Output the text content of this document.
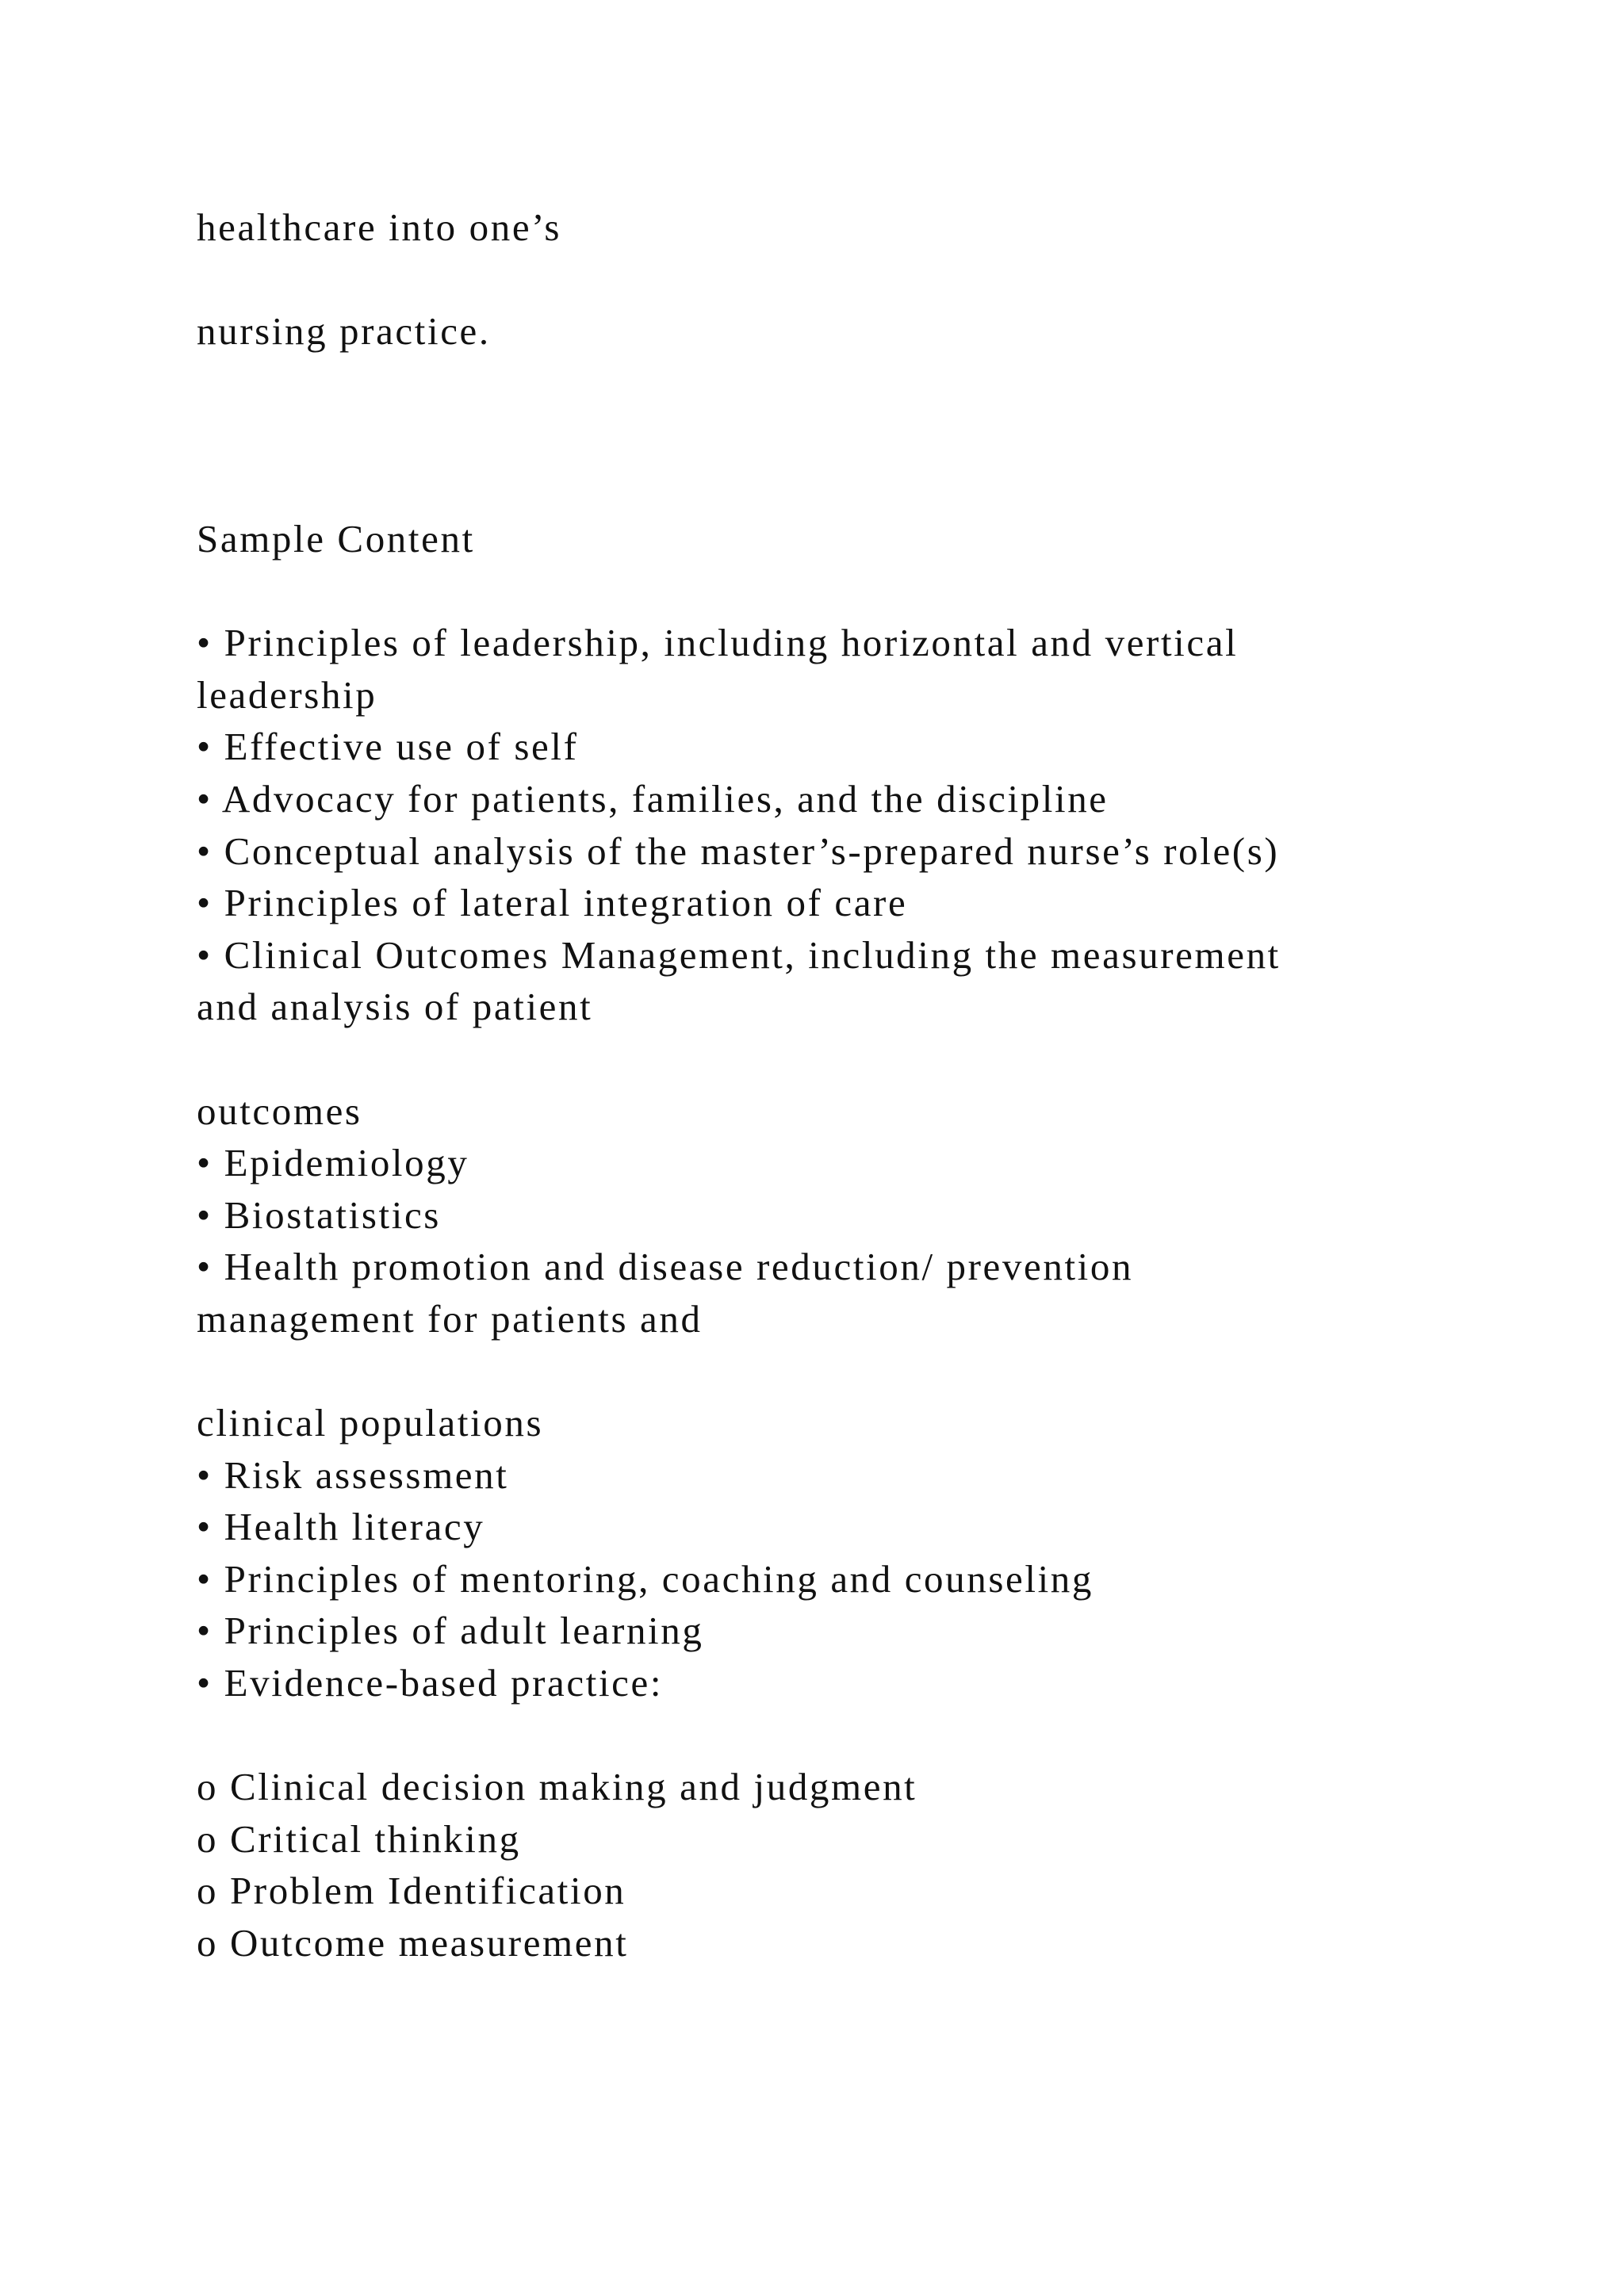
healthcare into one’s
nursing practice.
Sample Content
• Principles of leadership, including horizontal and vertical
leadership
• Effective use of self
• Advocacy for patients, families, and the discipline
• Conceptual analysis of the master’s-prepared nurse’s role(s)
• Principles of lateral integration of care
• Clinical Outcomes Management, including the measurement
and analysis of patient
outcomes
• Epidemiology
• Biostatistics
• Health promotion and disease reduction/ prevention
management for patients and
clinical populations
• Risk assessment
• Health literacy
• Principles of mentoring, coaching and counseling
• Principles of adult learning
• Evidence-based practice:
o Clinical decision making and judgment
o Critical thinking
o Problem Identification
o Outcome measurement
